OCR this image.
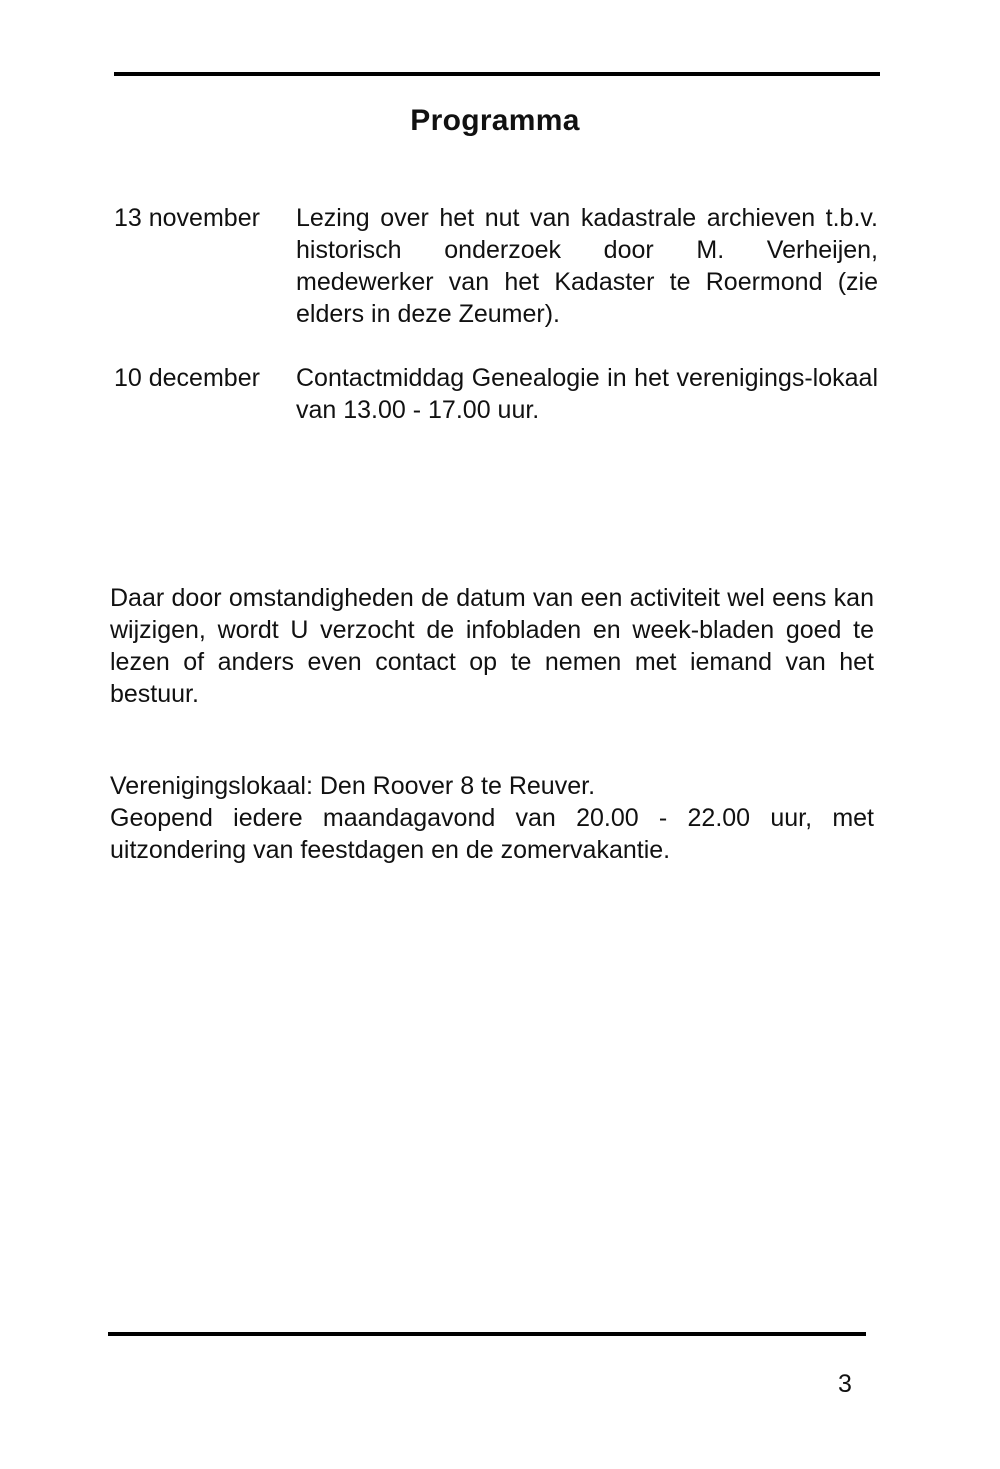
Programma
13 november Lezing over het nut van kadastrale archieven t.b.v. historisch onderzoek door M. Verheijen, medewerker van het Kadaster te Roermond (zie elders in deze Zeumer).
10 december Contactmiddag Genealogie in het verenigings-lokaal van 13.00 - 17.00 uur.
Daar door omstandigheden de datum van een activiteit wel eens kan wijzigen, wordt U verzocht de infobladen en week-bladen goed te lezen of anders even contact op te nemen met iemand van het bestuur.
Verenigingslokaal: Den Roover 8 te Reuver.
Geopend iedere maandagavond van 20.00 - 22.00 uur, met uitzondering van feestdagen en de zomervakantie.
3
